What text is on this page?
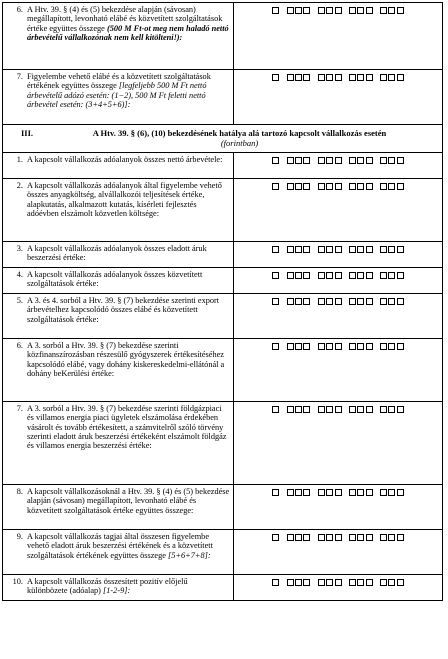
6. A Htv. 39. § (4) és (5) bekezdése alapján (sávosan) megállapított, levonható elábé és közvetített szolgáltatások értéke együttes összege (500 M Ft-ot meg nem haladó nettó árbevételű vállalkozónak nem kell kitölteni!):	

7. Figyelembe vehető elábé és a közvetített szolgáltatások értékének együttes összege [legfeljebb 500 M Ft nettó árbevételű adózó esetén: (1−2), 500 M Ft feletti nettó árbevétel esetén: (3+4+5+6)]:	

III. A Htv. 39. § (6), (10) bekezdésének hatálya alá tartozó kapcsolt vállalkozás esetén
(forintban)	

1. A kapcsolt vállalkozás adóalanyok összes nettó árbevétele:	

2. A kapcsolt vállalkozás adóalanyok által figyelembe vehető összes anyagköltség, alvállalkozói teljesítések értéke, alapkutatás, alkalmazott kutatás, kísérleti fejlesztés adóévben elszámolt közvetlen költsége:	

3. A kapcsolt vállalkozás adóalanyok összes eladott áruk beszerzési értéke:	

4. A kapcsolt vállalkozás adóalanyok összes közvetített szolgáltatások értéke:	

5. A 3. és 4. sorból a Htv. 39. § (7) bekezdése szerinti export árbevételhez kapcsolódó összes elábé és közvetített szolgáltatások értéke:	

6. A 3. sorból a Htv. 39. § (7) bekezdése szerinti közfinanszírozásban részesülő gyógyszerek értékesítéséhez kapcsolódó elábé, vagy dohány kiskereskedelmi-ellátónál a dohány beKerülési értéke:	

7. A 3. sorból a Htv. 39. § (7) bekezdése szerinti földgázpiaci és villamos energia piaci ügyletek elszámolása érdekében vásárolt és tovább értékesített, a számvitelről szóló törvény szerinti eladott áruk beszerzési értékeként elszámolt földgáz és villamos energia beszerzési értéke:	

8. A kapcsolt vállalkozásoknál a Htv. 39. § (4) és (5) bekezdése alapján (sávosan) megállapított, levonható elábé és közvetített szolgáltatások értéke együttes összege:	

9. A kapcsolt vállalkozás tagjai által összesen figyelembe vehető eladott áruk beszerzési értékének és a közvetített szolgáltatások értékének együttes összege [5+6+7+8]:	

10. A kapcsolt vállalkozás összesített pozitív előjelű különbözete (adóalap) [1-2-9]:	
